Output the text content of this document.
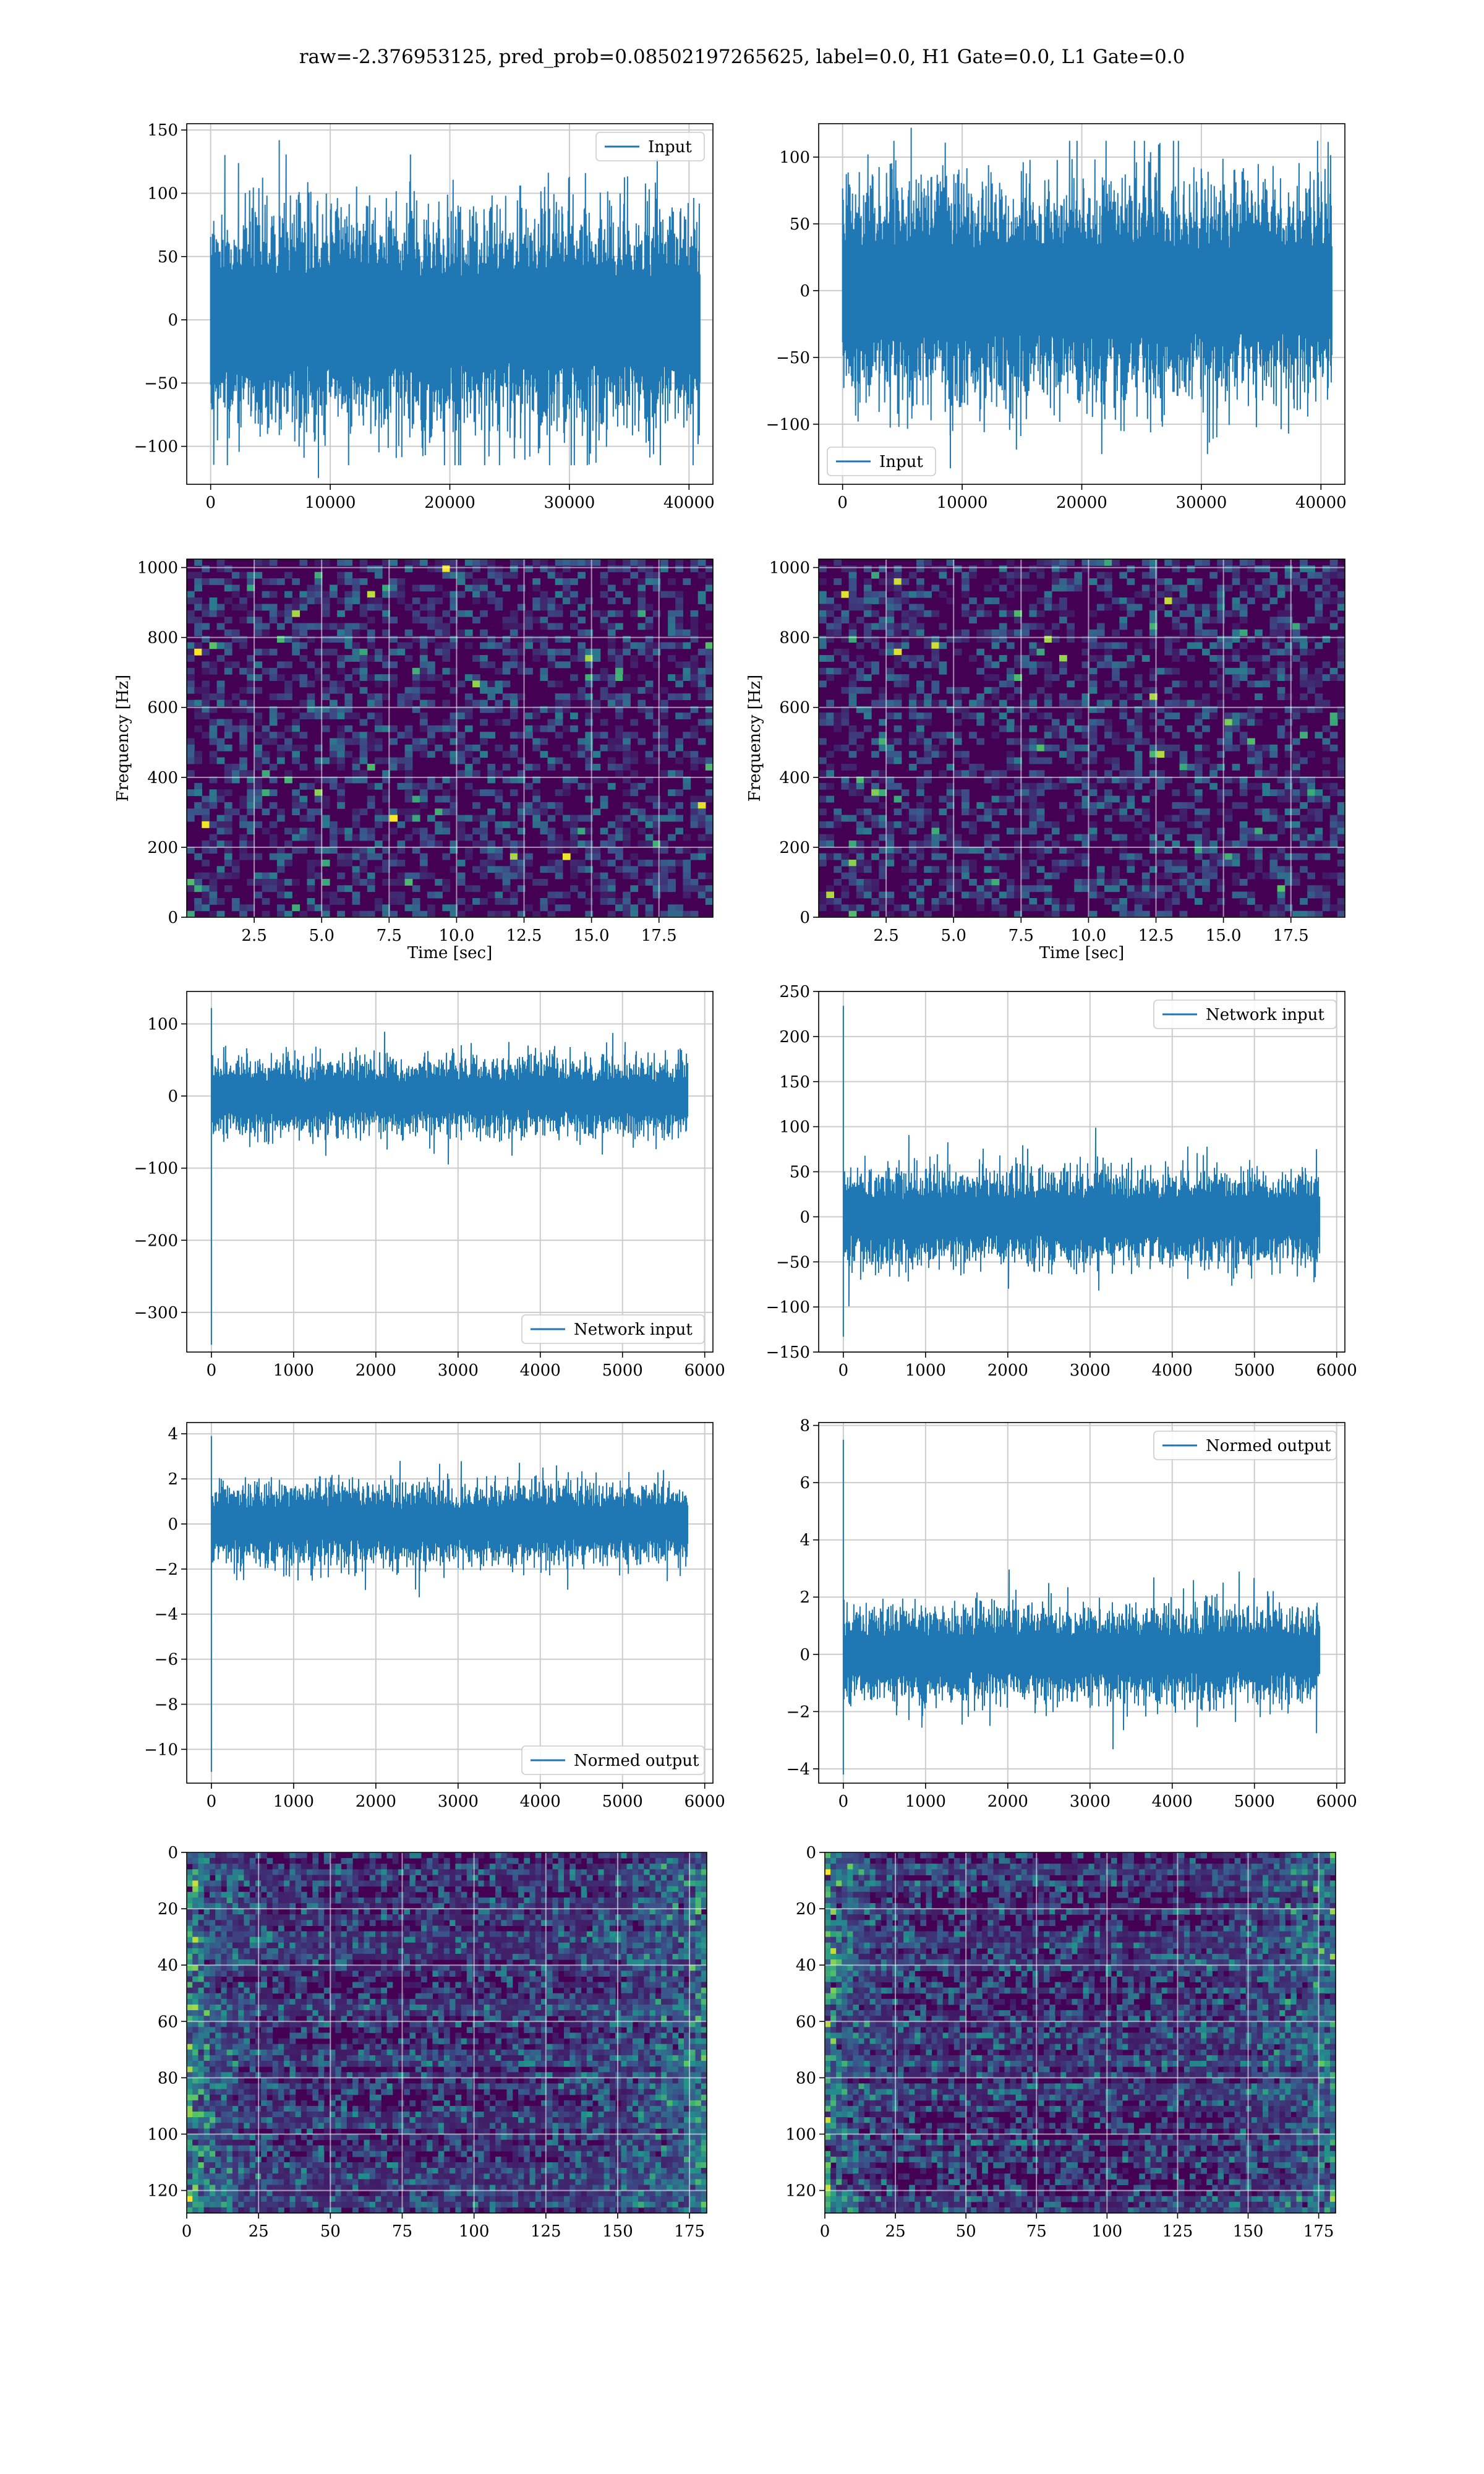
raw=-2.376953125, pred_prob=0.08502197265625, label=0.0, H1 Gate=0.0, L1 Gate=0.0
0	10000	20000	30000	40000
−100
−50
0
50
100
150
Input
0	10000	20000	30000	40000
−100
−50
0
50
100
Input
2.5	5.0	7.5 10.0 12.5 15.0 17.5
0
200
400
600
800
1000
Time [sec]
Frequency [Hz]
2.5	5.0	7.5 10.0 12.5 15.0 17.5
0
200
400
600
800
1000
Time [sec]
Frequency [Hz]
0	1000	2000	3000	4000	5000	6000
−300
−200
−100
0
100
Network input
0	1000	2000	3000	4000	5000	6000
−150
−100
−50
0
50
100
150
200
250
Network input
0	1000	2000	3000	4000	5000	6000
−10
−8
−6
−4
−2
0
2
4
Normed output
0	1000	2000	3000	4000	5000	6000
−4
−2
0
2
4
6
8
Normed output
0	25	50	75	100	125	150	175
0
20
40
60
80
100
120
0	25	50	75	100 125 150 175
0
20
40
60
80
100
120
